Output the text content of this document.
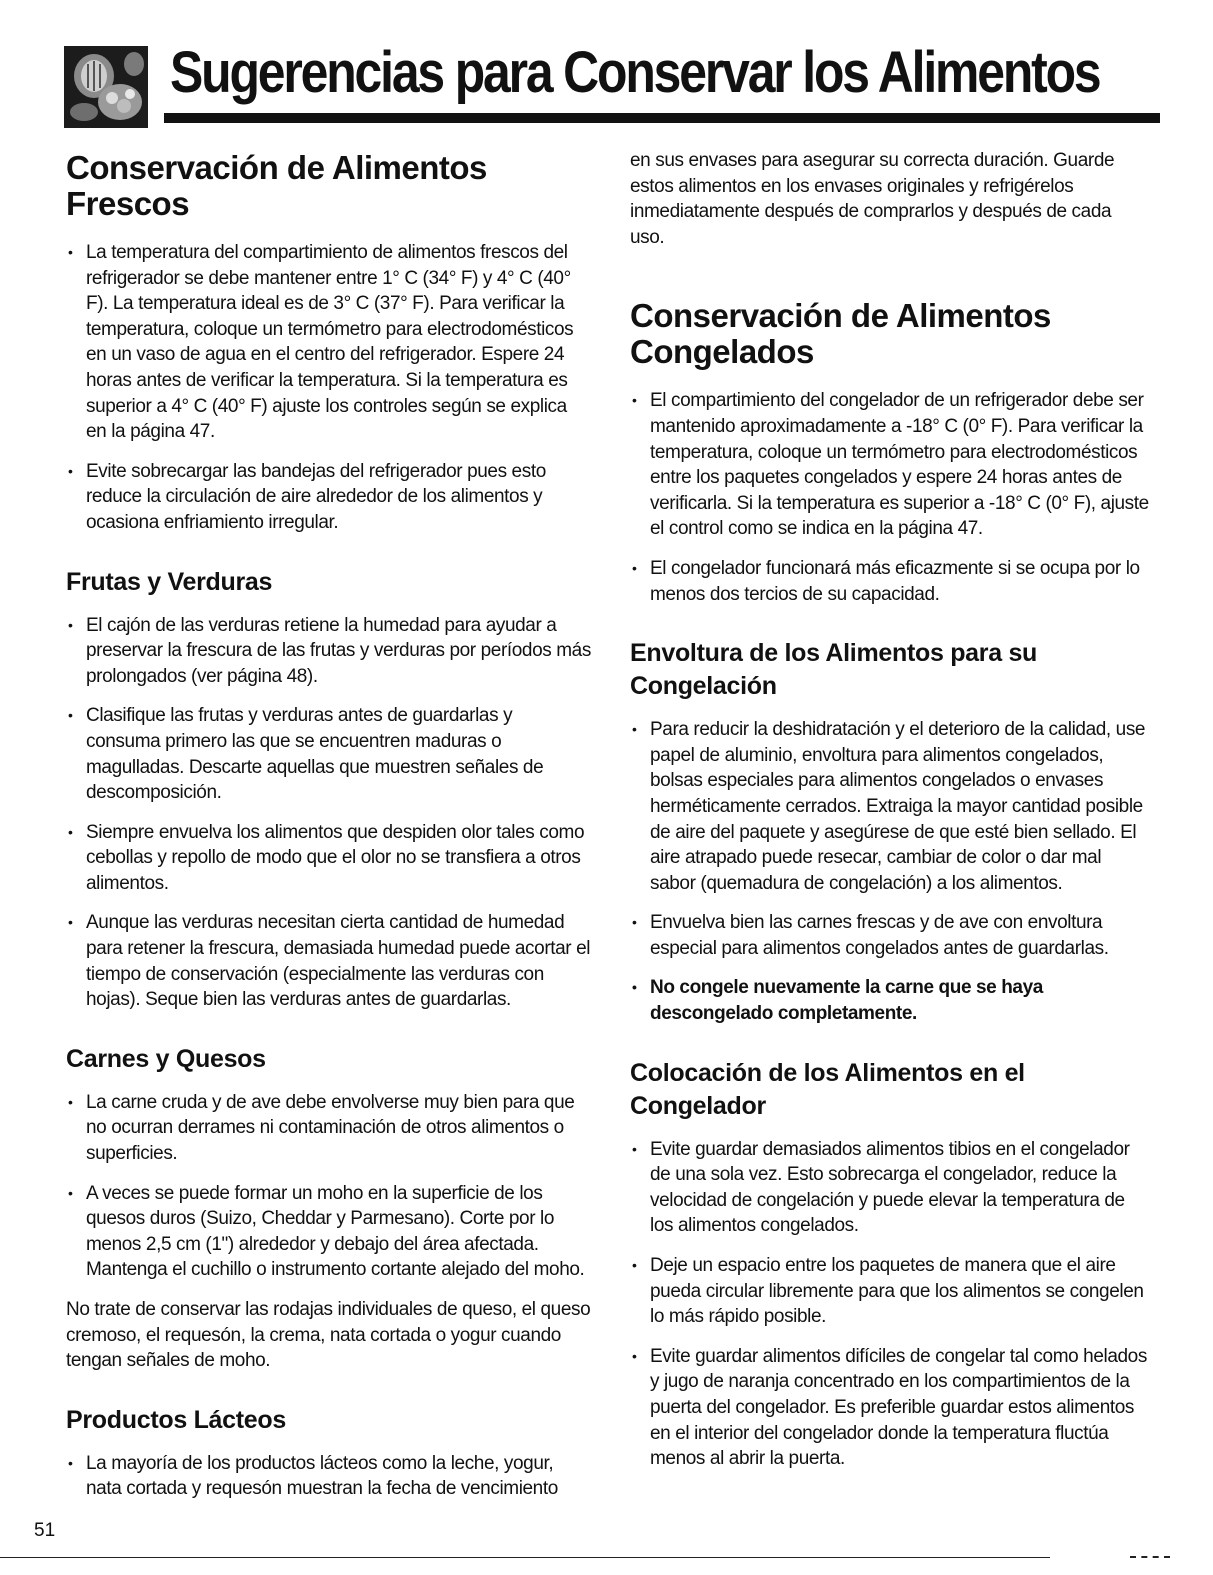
Sugerencias para Conservar los Alimentos
Conservación de Alimentos Frescos
• La temperatura del compartimiento de alimentos frescos del refrigerador se debe mantener entre 1° C (34° F) y 4° C (40° F). La temperatura ideal es de 3° C (37° F). Para verificar la temperatura, coloque un termómetro para electrodomésticos en un vaso de agua en el centro del refrigerador. Espere 24 horas antes de verificar la temperatura. Si la temperatura es superior a 4° C (40° F) ajuste los controles según se explica en la página 47.
• Evite sobrecargar las bandejas del refrigerador pues esto reduce la circulación de aire alrededor de los alimentos y ocasiona enfriamiento irregular.
Frutas y Verduras
• El cajón de las verduras retiene la humedad para ayudar a preservar la frescura de las frutas y verduras por períodos más prolongados (ver página 48).
• Clasifique las frutas y verduras antes de guardarlas y consuma primero las que se encuentren maduras o magulladas. Descarte aquellas que muestren señales de descomposición.
• Siempre envuelva los alimentos que despiden olor tales como cebollas y repollo de modo que el olor no se transfiera a otros alimentos.
• Aunque las verduras necesitan cierta cantidad de humedad para retener la frescura, demasiada humedad puede acortar el tiempo de conservación (especialmente las verduras con hojas). Seque bien las verduras antes de guardarlas.
Carnes y Quesos
• La carne cruda y de ave debe envolverse muy bien para que no ocurran derrames ni contaminación de otros alimentos o superficies.
• A veces se puede formar un moho en la superficie de los quesos duros (Suizo, Cheddar y Parmesano). Corte por lo menos 2,5 cm (1") alrededor y debajo del área afectada. Mantenga el cuchillo o instrumento cortante alejado del moho.

No trate de conservar las rodajas individuales de queso, el queso cremoso, el requesón, la crema, nata cortada o yogur cuando tengan señales de moho.

Productos Lácteos
• La mayoría de los productos lácteos como la leche, yogur, nata cortada y requesón muestran la fecha de vencimiento

en sus envases para asegurar su correcta duración. Guarde estos alimentos en los envases originales y refrigérelos inmediatamente después de comprarlos y después de cada uso.

Conservación de Alimentos Congelados
• El compartimiento del congelador de un refrigerador debe ser mantenido aproximadamente a -18° C (0° F). Para verificar la temperatura, coloque un termómetro para electrodomésticos entre los paquetes congelados y espere 24 horas antes de verificarla. Si la temperatura es superior a -18° C (0° F), ajuste el control como se indica en la página 47.
• El congelador funcionará más eficazmente si se ocupa por lo menos dos tercios de su capacidad.
Envoltura de los Alimentos para su Congelación
• Para reducir la deshidratación y el deterioro de la calidad, use papel de aluminio, envoltura para alimentos congelados, bolsas especiales para alimentos congelados o envases herméticamente cerrados. Extraiga la mayor cantidad posible de aire del paquete y asegúrese de que esté bien sellado. El aire atrapado puede resecar, cambiar de color o dar mal sabor (quemadura de congelación) a los alimentos.
• Envuelva bien las carnes frescas y de ave con envoltura especial para alimentos congelados antes de guardarlas.
• No congele nuevamente la carne que se haya descongelado completamente.
Colocación de los Alimentos en el Congelador
• Evite guardar demasiados alimentos tibios en el congelador de una sola vez. Esto sobrecarga el congelador, reduce la velocidad de congelación y puede elevar la temperatura de los alimentos congelados.
• Deje un espacio entre los paquetes de manera que el aire pueda circular libremente para que los alimentos se congelen lo más rápido posible.
• Evite guardar alimentos difíciles de congelar tal como helados y jugo de naranja concentrado en los compartimientos de la puerta del congelador. Es preferible guardar estos alimentos en el interior del congelador donde la temperatura fluctúa menos al abrir la puerta.
51
